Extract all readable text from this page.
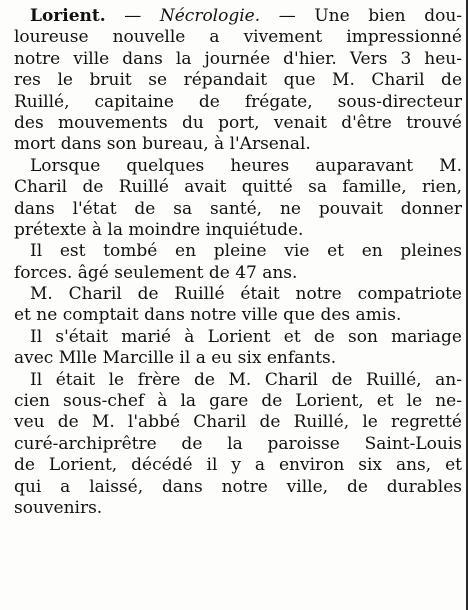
Lorient. — Nécrologie. — Une bien dou-
loureuse nouvelle a vivement impressionné
notre ville dans la journée d'hier. Vers 3 heu-
res le bruit se répandait que M. Charil de
Ruillé, capitaine de frégate, sous-directeur
des mouvements du port, venait d'être trouvé
mort dans son bureau, à l'Arsenal.
Lorsque quelques heures auparavant M.
Charil de Ruillé avait quitté sa famille, rien,
dans l'état de sa santé, ne pouvait donner
prétexte à la moindre inquiétude.
Il est tombé en pleine vie et en pleines
forces. âgé seulement de 47 ans.
M. Charil de Ruillé était notre compatriote
et ne comptait dans notre ville que des amis.
Il s'était marié à Lorient et de son mariage
avec Mlle Marcille il a eu six enfants.
Il était le frère de M. Charil de Ruillé, an-
cien sous-chef à la gare de Lorient, et le ne-
veu de M. l'abbé Charil de Ruillé, le regretté
curé-archiprêtre de la paroisse Saint-Louis
de Lorient, décédé il y a environ six ans, et
qui a laissé, dans notre ville, de durables
souvenirs.
